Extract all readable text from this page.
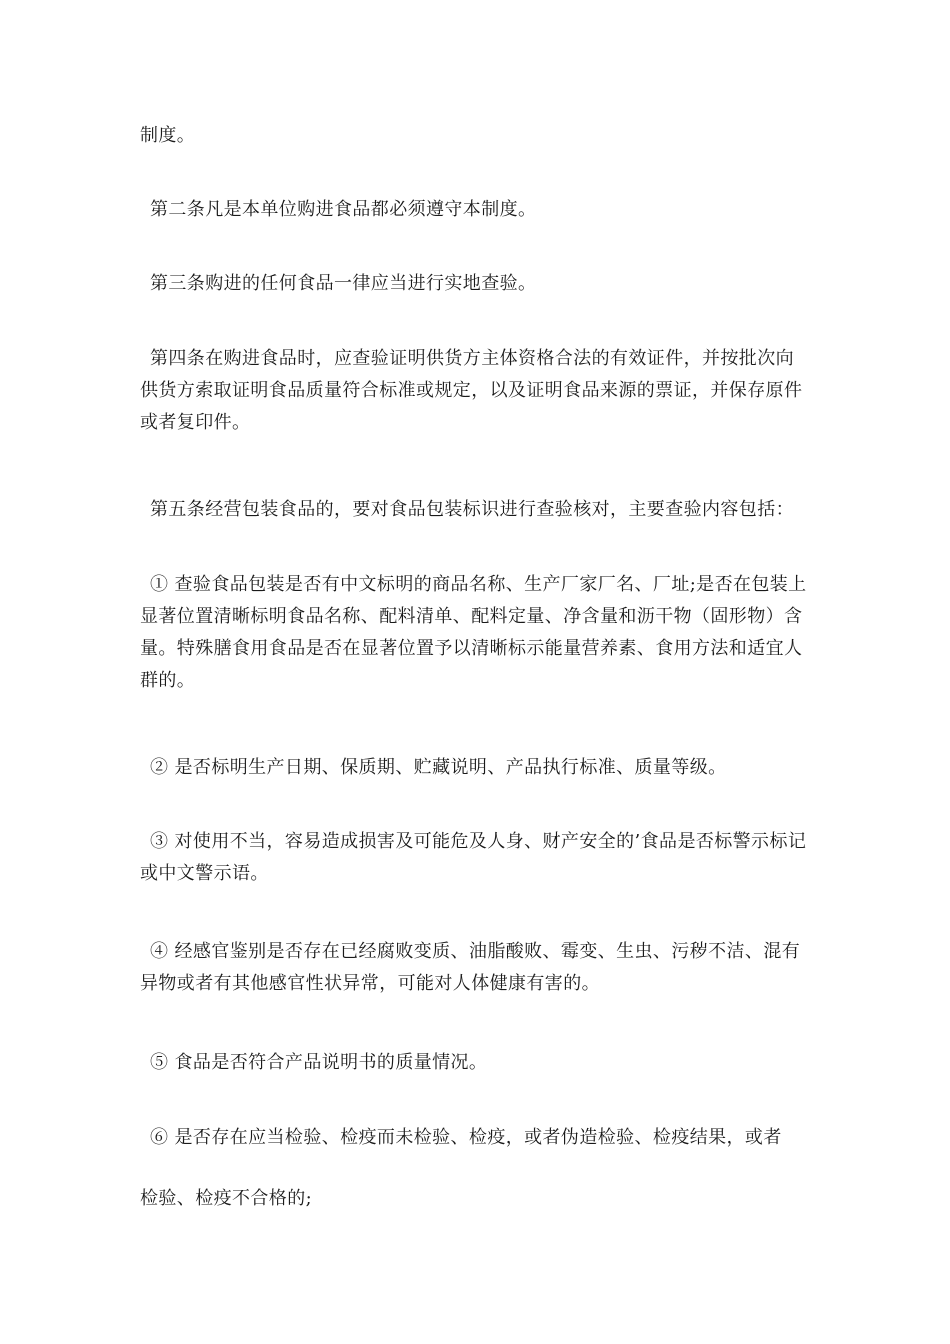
制度。
第二条凡是本单位购进食品都必须遵守本制度。
第三条购进的任何食品一律应当进行实地查验。
第四条在购进食品时，应查验证明供货方主体资格合法的有效证件，并按批次向供货方索取证明食品质量符合标准或规定，以及证明食品来源的票证，并保存原件或者复印件。
第五条经营包装食品的，要对食品包装标识进行查验核对，主要查验内容包括：
① 查验食品包装是否有中文标明的商品名称、生产厂家厂名、厂址;是否在包装上显著位置清晰标明食品名称、配料清单、配料定量、净含量和沥干物（固形物）含量。特殊膳食用食品是否在显著位置予以清晰标示能量营养素、食用方法和适宜人群的。
② 是否标明生产日期、保质期、贮藏说明、产品执行标准、质量等级。
③ 对使用不当，容易造成损害及可能危及人身、财产安全的’食品是否标警示标记或中文警示语。
④ 经感官鉴别是否存在已经腐败变质、油脂酸败、霉变、生虫、污秽不洁、混有异物或者有其他感官性状异常，可能对人体健康有害的。
⑤ 食品是否符合产品说明书的质量情况。
⑥ 是否存在应当检验、检疫而未检验、检疫，或者伪造检验、检疫结果，或者
检验、检疫不合格的;
